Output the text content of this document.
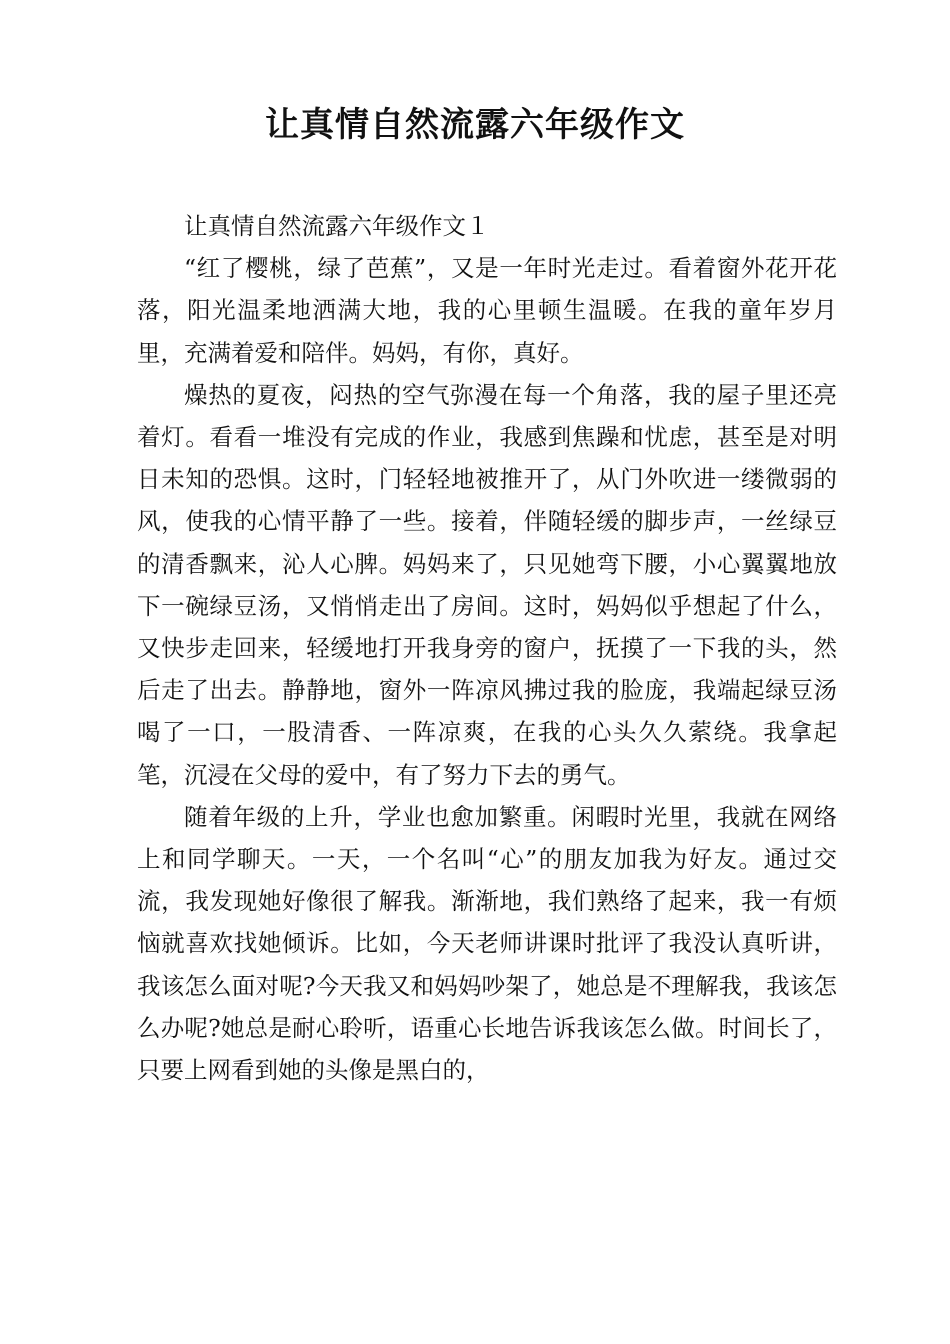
让真情自然流露六年级作文

让真情自然流露六年级作文１

“红了樱桃，绿了芭蕉”，又是一年时光走过。看着窗外花开花落，阳光温柔地洒满大地，我的心里顿生温暖。在我的童年岁月里，充满着爱和陪伴。妈妈，有你，真好。

燥热的夏夜，闷热的空气弥漫在每一个角落，我的屋子里还亮着灯。看看一堆没有完成的作业，我感到焦躁和忧虑，甚至是对明日未知的恐惧。这时，门轻轻地被推开了，从门外吹进一缕微弱的风，使我的心情平静了一些。接着，伴随轻缓的脚步声，一丝绿豆的清香飘来，沁人心脾。妈妈来了，只见她弯下腰，小心翼翼地放下一碗绿豆汤，又悄悄走出了房间。这时，妈妈似乎想起了什么，又快步走回来，轻缓地打开我身旁的窗户，抚摸了一下我的头，然后走了出去。静静地，窗外一阵凉风拂过我的脸庞，我端起绿豆汤喝了一口，一股清香、一阵凉爽，在我的心头久久萦绕。我拿起笔，沉浸在父母的爱中，有了努力下去的勇气。

随着年级的上升，学业也愈加繁重。闲暇时光里，我就在网络上和同学聊天。一天，一个名叫“心”的朋友加我为好友。通过交流，我发现她好像很了解我。渐渐地，我们熟络了起来，我一有烦恼就喜欢找她倾诉。比如，今天老师讲课时批评了我没认真听讲，我该怎么面对呢?今天我又和妈妈吵架了，她总是不理解我，我该怎么办呢?她总是耐心聆听，语重心长地告诉我该怎么做。时间长了，只要上网看到她的头像是黑白的，
